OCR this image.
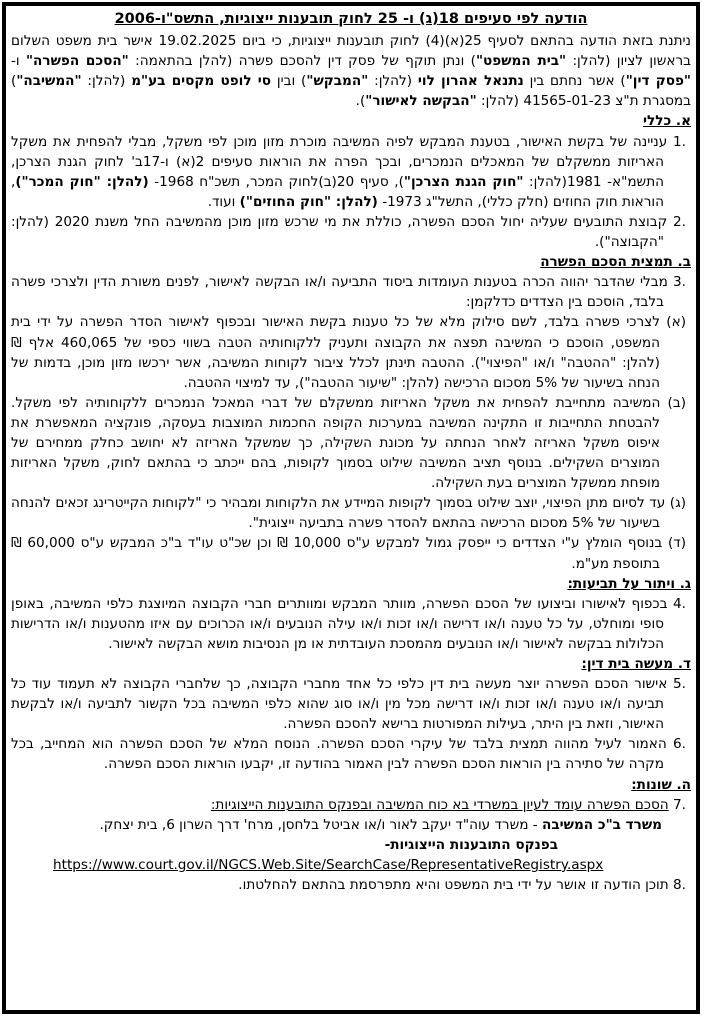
הודעה לפי סעיפים 18(ג) ו- 25 לחוק תובענות ייצוגיות, התשס"ו-2006
ניתנת בזאת הודעה בהתאם לסעיף 25(א)(4) לחוק תובענות ייצוגיות, כי ביום 19.02.2025 אישר בית משפט השלום בראשון לציון (להלן: "בית המשפט") ונתן תוקף של פסק דין להסכם פשרה (להלן בהתאמה: "הסכם הפשרה" ו- "פסק דין") אשר נחתם בין נתנאל אהרון לוי (להלן: "המבקש") ובין סי לופט מקסים בע"מ (להלן: "המשיבה") במסגרת ת"צ 41565-01-23 (להלן: "הבקשה לאישור").
א. כללי
1. עניינה של בקשת האישור, בטענת המבקש לפיה המשיבה מוכרת מזון מוכן לפי משקל, מבלי להפחית את משקל האריזות ממשקלם של המאכלים הנמכרים, ובכך הפרה את הוראות סעיפים 2(א) ו-17ב' לחוק הגנת הצרכן, התשמ"א- 1981(להלן: "חוק הגנת הצרכן"), סעיף 20(ב)לחוק המכר, תשכ"ח 1968- (להלן: "חוק המכר"), הוראות חוק החוזים (חלק כללי), התשל"ג 1973- (להלן: "חוק החוזים") ועוד.
2. קבוצת התובעים שעליה יחול הסכם הפשרה, כוללת את מי שרכש מזון מוכן מהמשיבה החל משנת 2020 (להלן: "הקבוצה").
ב. תמצית הסכם הפשרה
3. מבלי שהדבר יהווה הכרה בטענות העומדות ביסוד התביעה ו/או הבקשה לאישור, לפנים משורת הדין ולצרכי פשרה בלבד, הוסכם בין הצדדים כדלקמן:
(א) לצרכי פשרה בלבד, לשם סילוק מלא של כל טענות בקשת האישור ובכפוף לאישור הסדר הפשרה על ידי בית המשפט, הוסכם כי המשיבה תפצה את הקבוצה ותעניק ללקוחותיה הטבה בשווי כספי של 460,065 אלף ₪ (להלן: "ההטבה" ו/או "הפיצוי"). ההטבה תינתן לכלל ציבור לקוחות המשיבה, אשר ירכשו מזון מוכן, בדמות של הנחה בשיעור של 5% מסכום הרכישה (להלן: "שיעור ההטבה"), עד למיצוי ההטבה.
(ב) המשיבה מתחייבת להפחית את משקל האריזות ממשקלם של דברי המאכל הנמכרים ללקוחותיה לפי משקל. להבטחת התחייבות זו התקינה המשיבה במערכות הקופה החכמות המוצבות בעסקה, פונקציה המאפשרת את איפוס משקל האריזה לאחר הנחתה על מכונת השקילה, כך שמשקל האריזה לא יחושב כחלק ממחירם של המוצרים השקילים. בנוסף תציב המשיבה שילוט בסמוך לקופות, בהם ייכתב כי בהתאם לחוק, משקל האריזות מופחת ממשקל המוצרים בעת השקילה.
(ג) עד לסיום מתן הפיצוי, יוצב שילוט בסמוך לקופות המיידע את הלקוחות ומבהיר כי "לקוחות הקייטרינג זכאים להנחה בשיעור של 5% מסכום הרכישה בהתאם להסדר פשרה בתביעה ייצוגית".
(ד) בנוסף הומלץ ע"י הצדדים כי ייפסק גמול למבקש ע"ס 10,000 ₪ וכן שכ"ט עו"ד ב"כ המבקש ע"ס 60,000 ₪ בתוספת מע"מ.
ג. ויתור על תביעות:
4. בכפוף לאישורו וביצועו של הסכם הפשרה, מוותר המבקש ומוותרים חברי הקבוצה המיוצגת כלפי המשיבה, באופן סופי ומוחלט, על כל טענה ו/או דרישה ו/או זכות ו/או עילה הנובעים ו/או הכרוכים עם איזו מהטענות ו/או הדרישות הכלולות בבקשה לאישור ו/או הנובעים מהמסכת העובדתית או מן הנסיבות מושא הבקשה לאישור.
ד. מעשה בית דין:
5. אישור הסכם הפשרה יוצר מעשה בית דין כלפי כל אחד מחברי הקבוצה, כך שלחברי הקבוצה לא תעמוד עוד כל תביעה ו/או טענה ו/או זכות ו/או דרישה מכל מין ו/או סוג שהוא כלפי המשיבה בכל הקשור לתביעה ו/או לבקשת האישור, וזאת בין היתר, בעילות המפורטות ברישא להסכם הפשרה.
6. האמור לעיל מהווה תמצית בלבד של עיקרי הסכם הפשרה. הנוסח המלא של הסכם הפשרה הוא המחייב, בכל מקרה של סתירה בין הוראות הסכם הפשרה לבין האמור בהודעה זו, יקבעו הוראות הסכם הפשרה.
ה. שונות:
7. הסכם הפשרה עומד לעיון במשרדי בא כוח המשיבה ובפנקס התובענות הייצוגיות:
משרד ב"כ המשיבה - משרד עוה"ד יעקב לאור ו/או אביטל בלחסן, מרח' דרך השרון 6, בית יצחק.
בפנקס התובענות הייצוגיות-
https://www.court.gov.il/NGCS.Web.Site/SearchCase/RepresentativeRegistry.aspx
8. תוכן הודעה זו אושר על ידי בית המשפט והיא מתפרסמת בהתאם להחלטתו.
